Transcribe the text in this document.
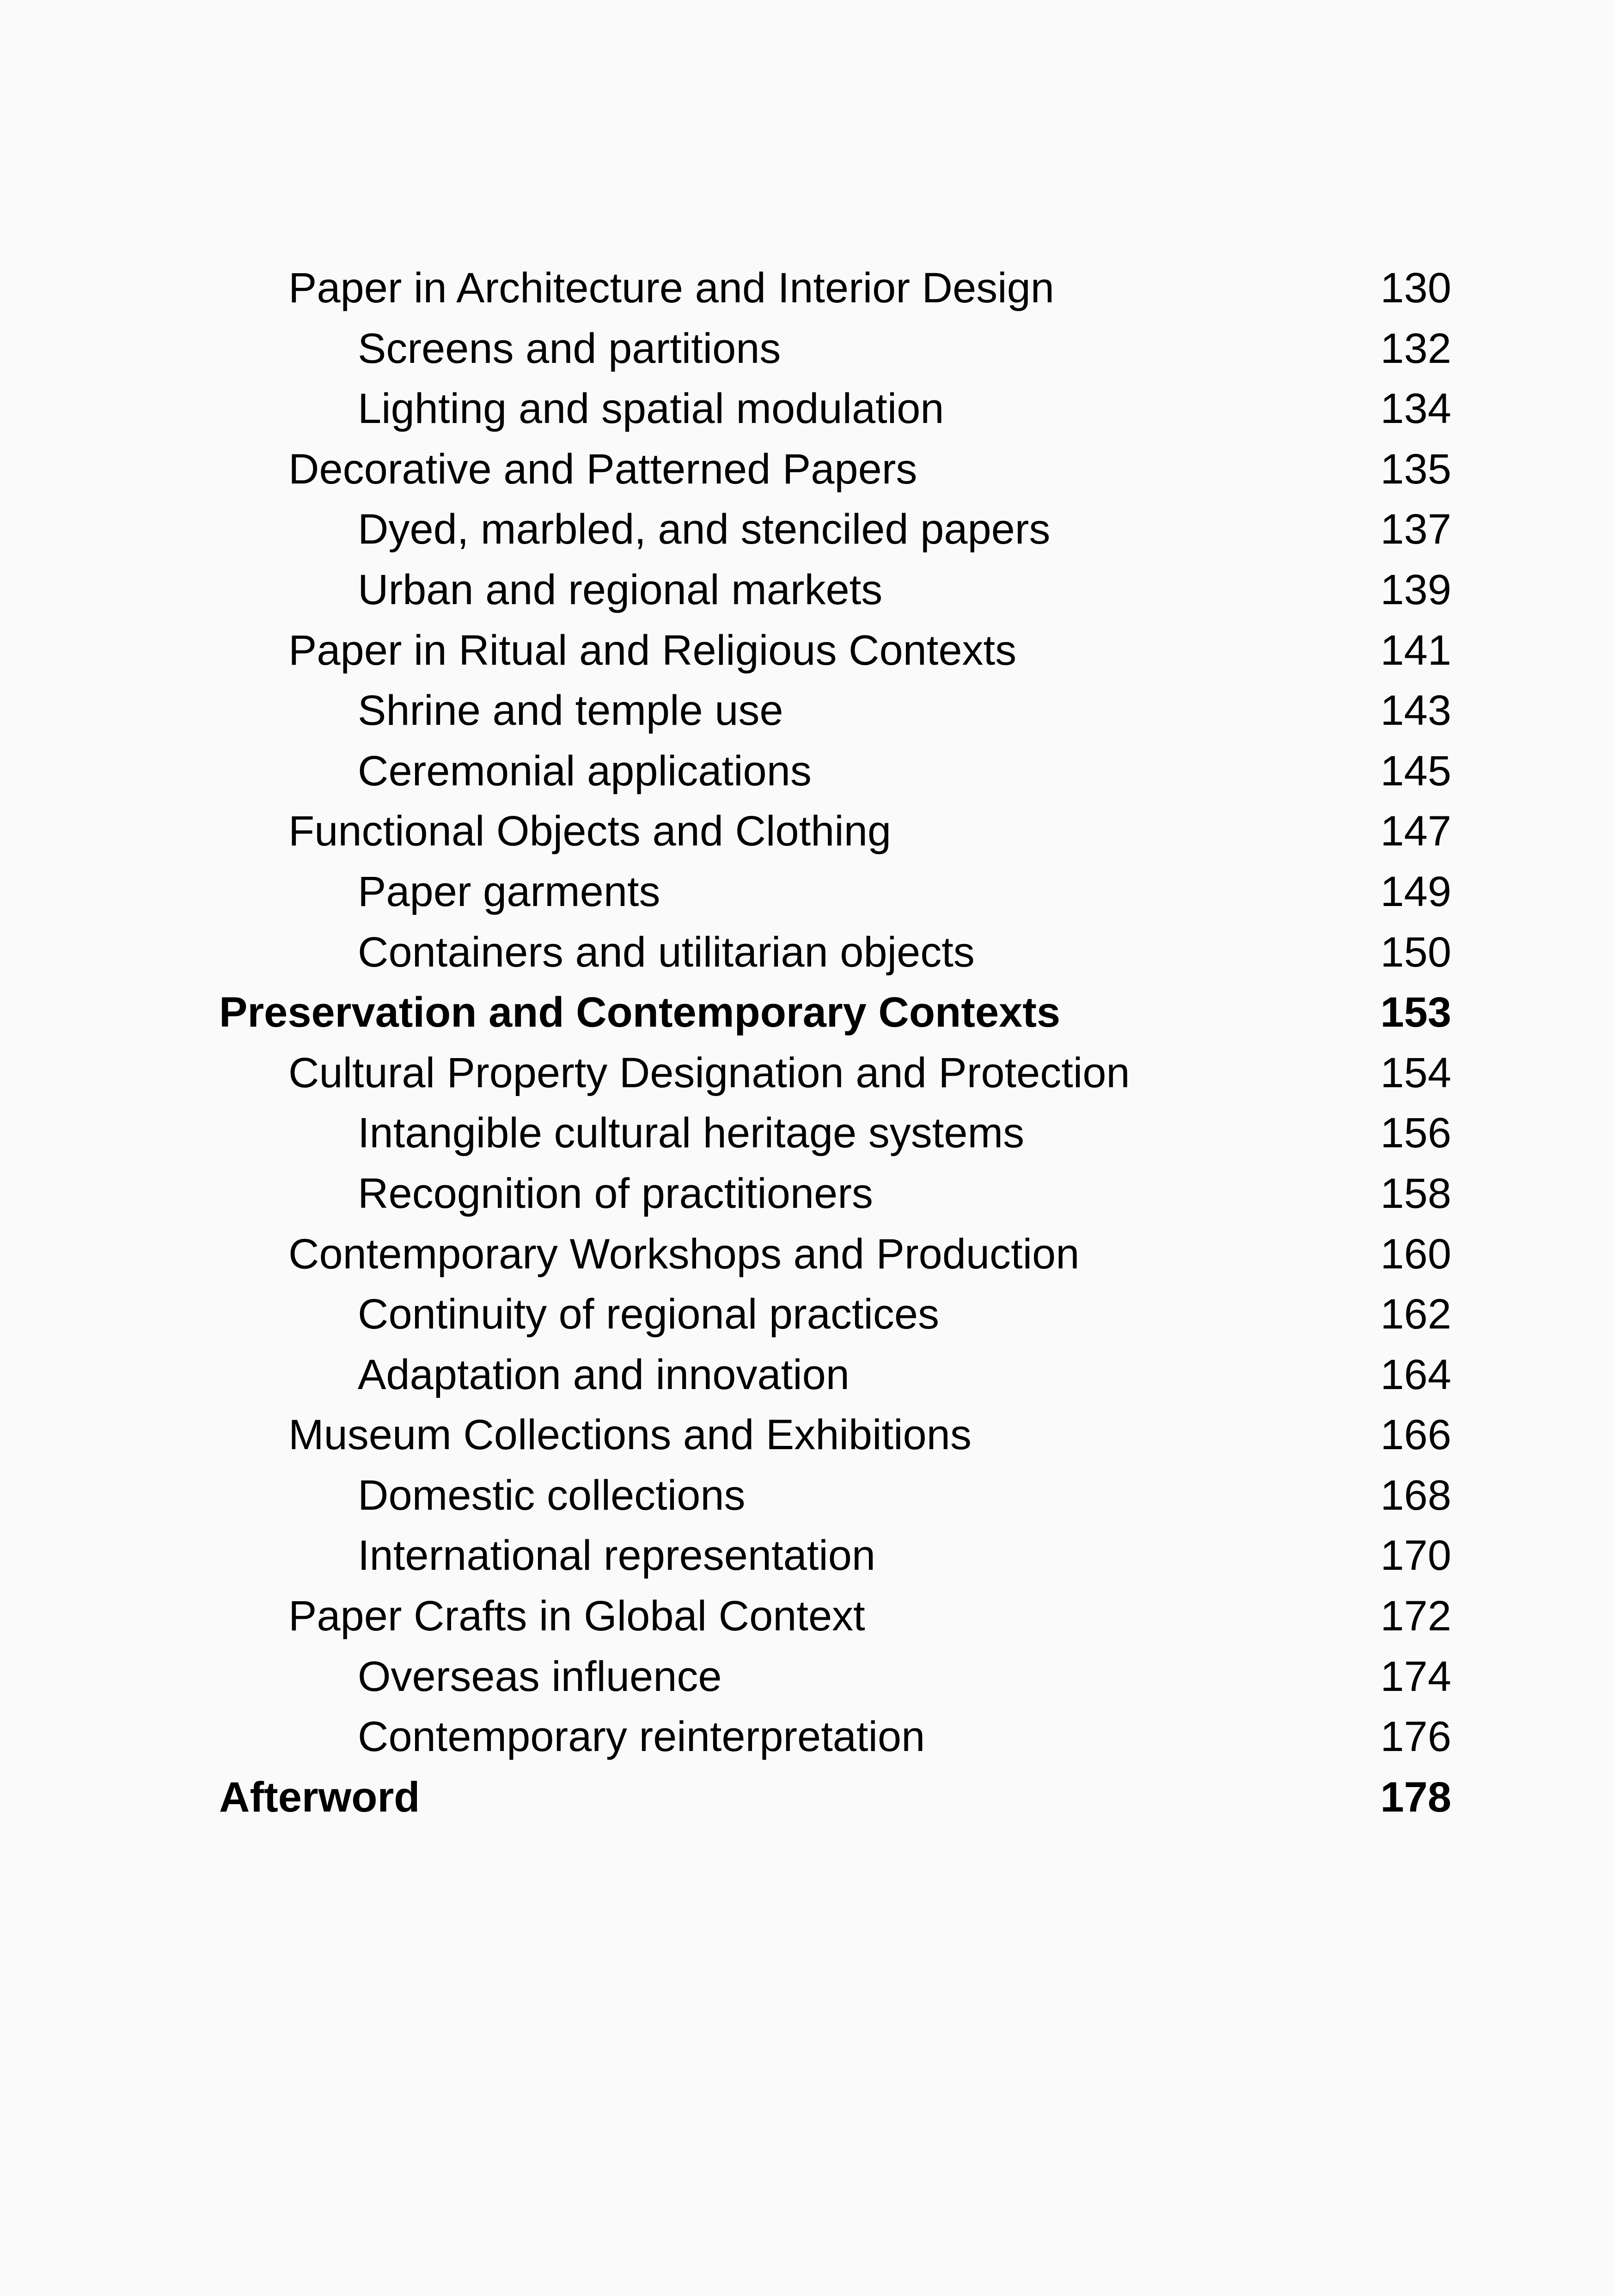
Paper in Architecture and Interior Design	130
Screens and partitions	132
Lighting and spatial modulation	134
Decorative and Patterned Papers	135
Dyed, marbled, and stenciled papers	137
Urban and regional markets	139
Paper in Ritual and Religious Contexts	141
Shrine and temple use	143
Ceremonial applications	145
Functional Objects and Clothing	147
Paper garments	149
Containers and utilitarian objects	150
Preservation and Contemporary Contexts	153
Cultural Property Designation and Protection	154
Intangible cultural heritage systems	156
Recognition of practitioners	158
Contemporary Workshops and Production	160
Continuity of regional practices	162
Adaptation and innovation	164
Museum Collections and Exhibitions	166
Domestic collections	168
International representation	170
Paper Crafts in Global Context	172
Overseas influence	174
Contemporary reinterpretation	176
Afterword	178
